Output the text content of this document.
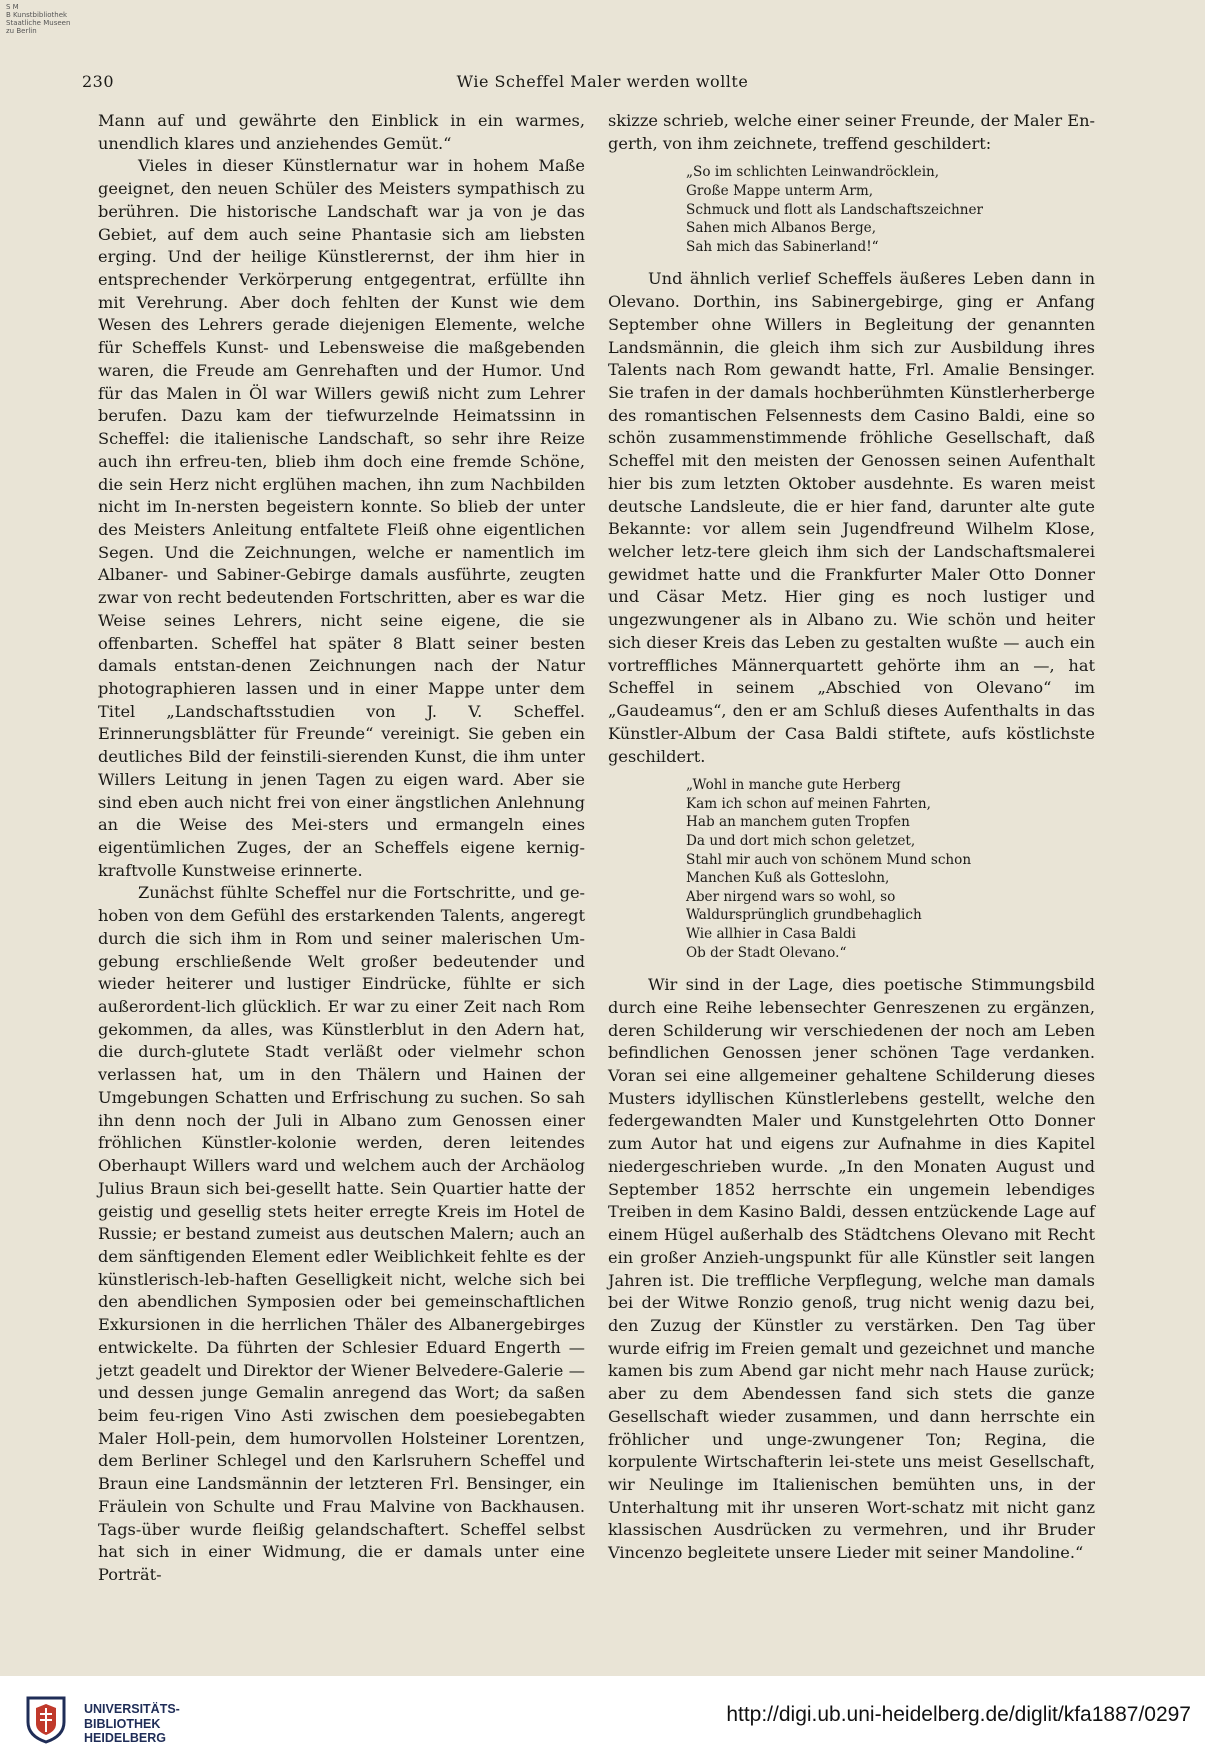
S M
B Kunstbibliothek
Staatliche Museen
zu Berlin
230	Wie Scheffel Maler werden wollte

Mann auf und gewährte den Einblick in ein warmes, unendlich klares und anziehendes Gemüt.“

Vieles in dieser Künstlernatur war in hohem Maße geeignet, den neuen Schüler des Meisters sympathisch zu berühren. Die historische Landschaft war ja von je das Gebiet, auf dem auch seine Phantasie sich am liebsten erging. Und der heilige Künstlerernst, der ihm hier in entsprechender Verkörperung entgegentrat, erfüllte ihn mit Verehrung. Aber doch fehlten der Kunst wie dem Wesen des Lehrers gerade diejenigen Elemente, welche für Scheffels Kunst- und Lebensweise die maßgebenden waren, die Freude am Genrehaften und der Humor. Und für das Malen in Öl war Willers gewiß nicht zum Lehrer berufen. Dazu kam der tiefwurzelnde Heimatssinn in Scheffel: die italienische Landschaft, so sehr ihre Reize auch ihn erfreu-ten, blieb ihm doch eine fremde Schöne, die sein Herz nicht erglühen machen, ihn zum Nachbilden nicht im In-nersten begeistern konnte. So blieb der unter des Meisters Anleitung entfaltete Fleiß ohne eigentlichen Segen. Und die Zeichnungen, welche er namentlich im Albaner- und Sabiner-Gebirge damals ausführte, zeugten zwar von recht bedeutenden Fortschritten, aber es war die Weise seines Lehrers, nicht seine eigene, die sie offenbarten. Scheffel hat später 8 Blatt seiner besten damals entstan-denen Zeichnungen nach der Natur photographieren lassen und in einer Mappe unter dem Titel „Landschaftsstudien von J. V. Scheffel. Erinnerungsblätter für Freunde“ vereinigt. Sie geben ein deutliches Bild der feinstili-sierenden Kunst, die ihm unter Willers Leitung in jenen Tagen zu eigen ward. Aber sie sind eben auch nicht frei von einer ängstlichen Anlehnung an die Weise des Mei-sters und ermangeln eines eigentümlichen Zuges, der an Scheffels eigene kernig-kraftvolle Kunstweise erinnerte.

Zunächst fühlte Scheffel nur die Fortschritte, und ge-hoben von dem Gefühl des erstarkenden Talents, angeregt durch die sich ihm in Rom und seiner malerischen Um-gebung erschließende Welt großer bedeutender und wieder heiterer und lustiger Eindrücke, fühlte er sich außerordent-lich glücklich. Er war zu einer Zeit nach Rom gekommen, da alles, was Künstlerblut in den Adern hat, die durch-glutete Stadt verläßt oder vielmehr schon verlassen hat, um in den Thälern und Hainen der Umgebungen Schatten und Erfrischung zu suchen. So sah ihn denn noch der Juli in Albano zum Genossen einer fröhlichen Künstler-kolonie werden, deren leitendes Oberhaupt Willers ward und welchem auch der Archäolog Julius Braun sich bei-gesellt hatte. Sein Quartier hatte der geistig und gesellig stets heiter erregte Kreis im Hotel de Russie; er bestand zumeist aus deutschen Malern; auch an dem sänftigenden Element edler Weiblichkeit fehlte es der künstlerisch-leb-haften Geselligkeit nicht, welche sich bei den abendlichen Symposien oder bei gemeinschaftlichen Exkursionen in die herrlichen Thäler des Albanergebirges entwickelte. Da führten der Schlesier Eduard Engerth — jetzt geadelt und Direktor der Wiener Belvedere-Galerie — und dessen junge Gemalin anregend das Wort; da saßen beim feu-rigen Vino Asti zwischen dem poesiebegabten Maler Holl-pein, dem humorvollen Holsteiner Lorentzen, dem Berliner Schlegel und den Karlsruhern Scheffel und Braun eine Landsmännin der letzteren Frl. Bensinger, ein Fräulein von Schulte und Frau Malvine von Backhausen. Tags-über wurde fleißig gelandschaftert. Scheffel selbst hat sich in einer Widmung, die er damals unter eine Porträt-

skizze schrieb, welche einer seiner Freunde, der Maler En-gerth, von ihm zeichnete, treffend geschildert:

„So im schlichten Leinwandröcklein,
Große Mappe unterm Arm,
Schmuck und flott als Landschaftszeichner
Sahen mich Albanos Berge,
Sah mich das Sabinerland!“

Und ähnlich verlief Scheffels äußeres Leben dann in Olevano. Dorthin, ins Sabinergebirge, ging er Anfang September ohne Willers in Begleitung der genannten Landsmännin, die gleich ihm sich zur Ausbildung ihres Talents nach Rom gewandt hatte, Frl. Amalie Bensinger. Sie trafen in der damals hochberühmten Künstlerherberge des romantischen Felsennests dem Casino Baldi, eine so schön zusammenstimmende fröhliche Gesellschaft, daß Scheffel mit den meisten der Genossen seinen Aufenthalt hier bis zum letzten Oktober ausdehnte. Es waren meist deutsche Landsleute, die er hier fand, darunter alte gute Bekannte: vor allem sein Jugendfreund Wilhelm Klose, welcher letz-tere gleich ihm sich der Landschaftsmalerei gewidmet hatte und die Frankfurter Maler Otto Donner und Cäsar Metz. Hier ging es noch lustiger und ungezwungener als in Albano zu. Wie schön und heiter sich dieser Kreis das Leben zu gestalten wußte — auch ein vortreffliches Männerquartett gehörte ihm an —, hat Scheffel in seinem „Abschied von Olevano“ im „Gaudeamus“, den er am Schluß dieses Aufenthalts in das Künstler-Album der Casa Baldi stiftete, aufs köstlichste geschildert.

„Wohl in manche gute Herberg
Kam ich schon auf meinen Fahrten,
Hab an manchem guten Tropfen
Da und dort mich schon geletzet,
Stahl mir auch von schönem Mund schon
Manchen Kuß als Gotteslohn,
Aber nirgend wars so wohl, so
Waldursprünglich grundbehaglich
Wie allhier in Casa Baldi
Ob der Stadt Olevano.“

Wir sind in der Lage, dies poetische Stimmungsbild durch eine Reihe lebensechter Genreszenen zu ergänzen, deren Schilderung wir verschiedenen der noch am Leben befindlichen Genossen jener schönen Tage verdanken. Voran sei eine allgemeiner gehaltene Schilderung dieses Musters idyllischen Künstlerlebens gestellt, welche den federgewandten Maler und Kunstgelehrten Otto Donner zum Autor hat und eigens zur Aufnahme in dies Kapitel niedergeschrieben wurde. „In den Monaten August und September 1852 herrschte ein ungemein lebendiges Treiben in dem Kasino Baldi, dessen entzückende Lage auf einem Hügel außerhalb des Städtchens Olevano mit Recht ein großer Anzieh-ungspunkt für alle Künstler seit langen Jahren ist. Die treffliche Verpflegung, welche man damals bei der Witwe Ronzio genoß, trug nicht wenig dazu bei, den Zuzug der Künstler zu verstärken. Den Tag über wurde eifrig im Freien gemalt und gezeichnet und manche kamen bis zum Abend gar nicht mehr nach Hause zurück; aber zu dem Abendessen fand sich stets die ganze Gesellschaft wieder zusammen, und dann herrschte ein fröhlicher und unge-zwungener Ton; Regina, die korpulente Wirtschafterin lei-stete uns meist Gesellschaft, wir Neulinge im Italienischen bemühten uns, in der Unterhaltung mit ihr unseren Wort-schatz mit nicht ganz klassischen Ausdrücken zu vermehren, und ihr Bruder Vincenzo begleitete unsere Lieder mit seiner Mandoline.“

UNIVERSITÄTS-
BIBLIOTHEK
HEIDELBERG
http://digi.ub.uni-heidelberg.de/diglit/kfa1887/0297
